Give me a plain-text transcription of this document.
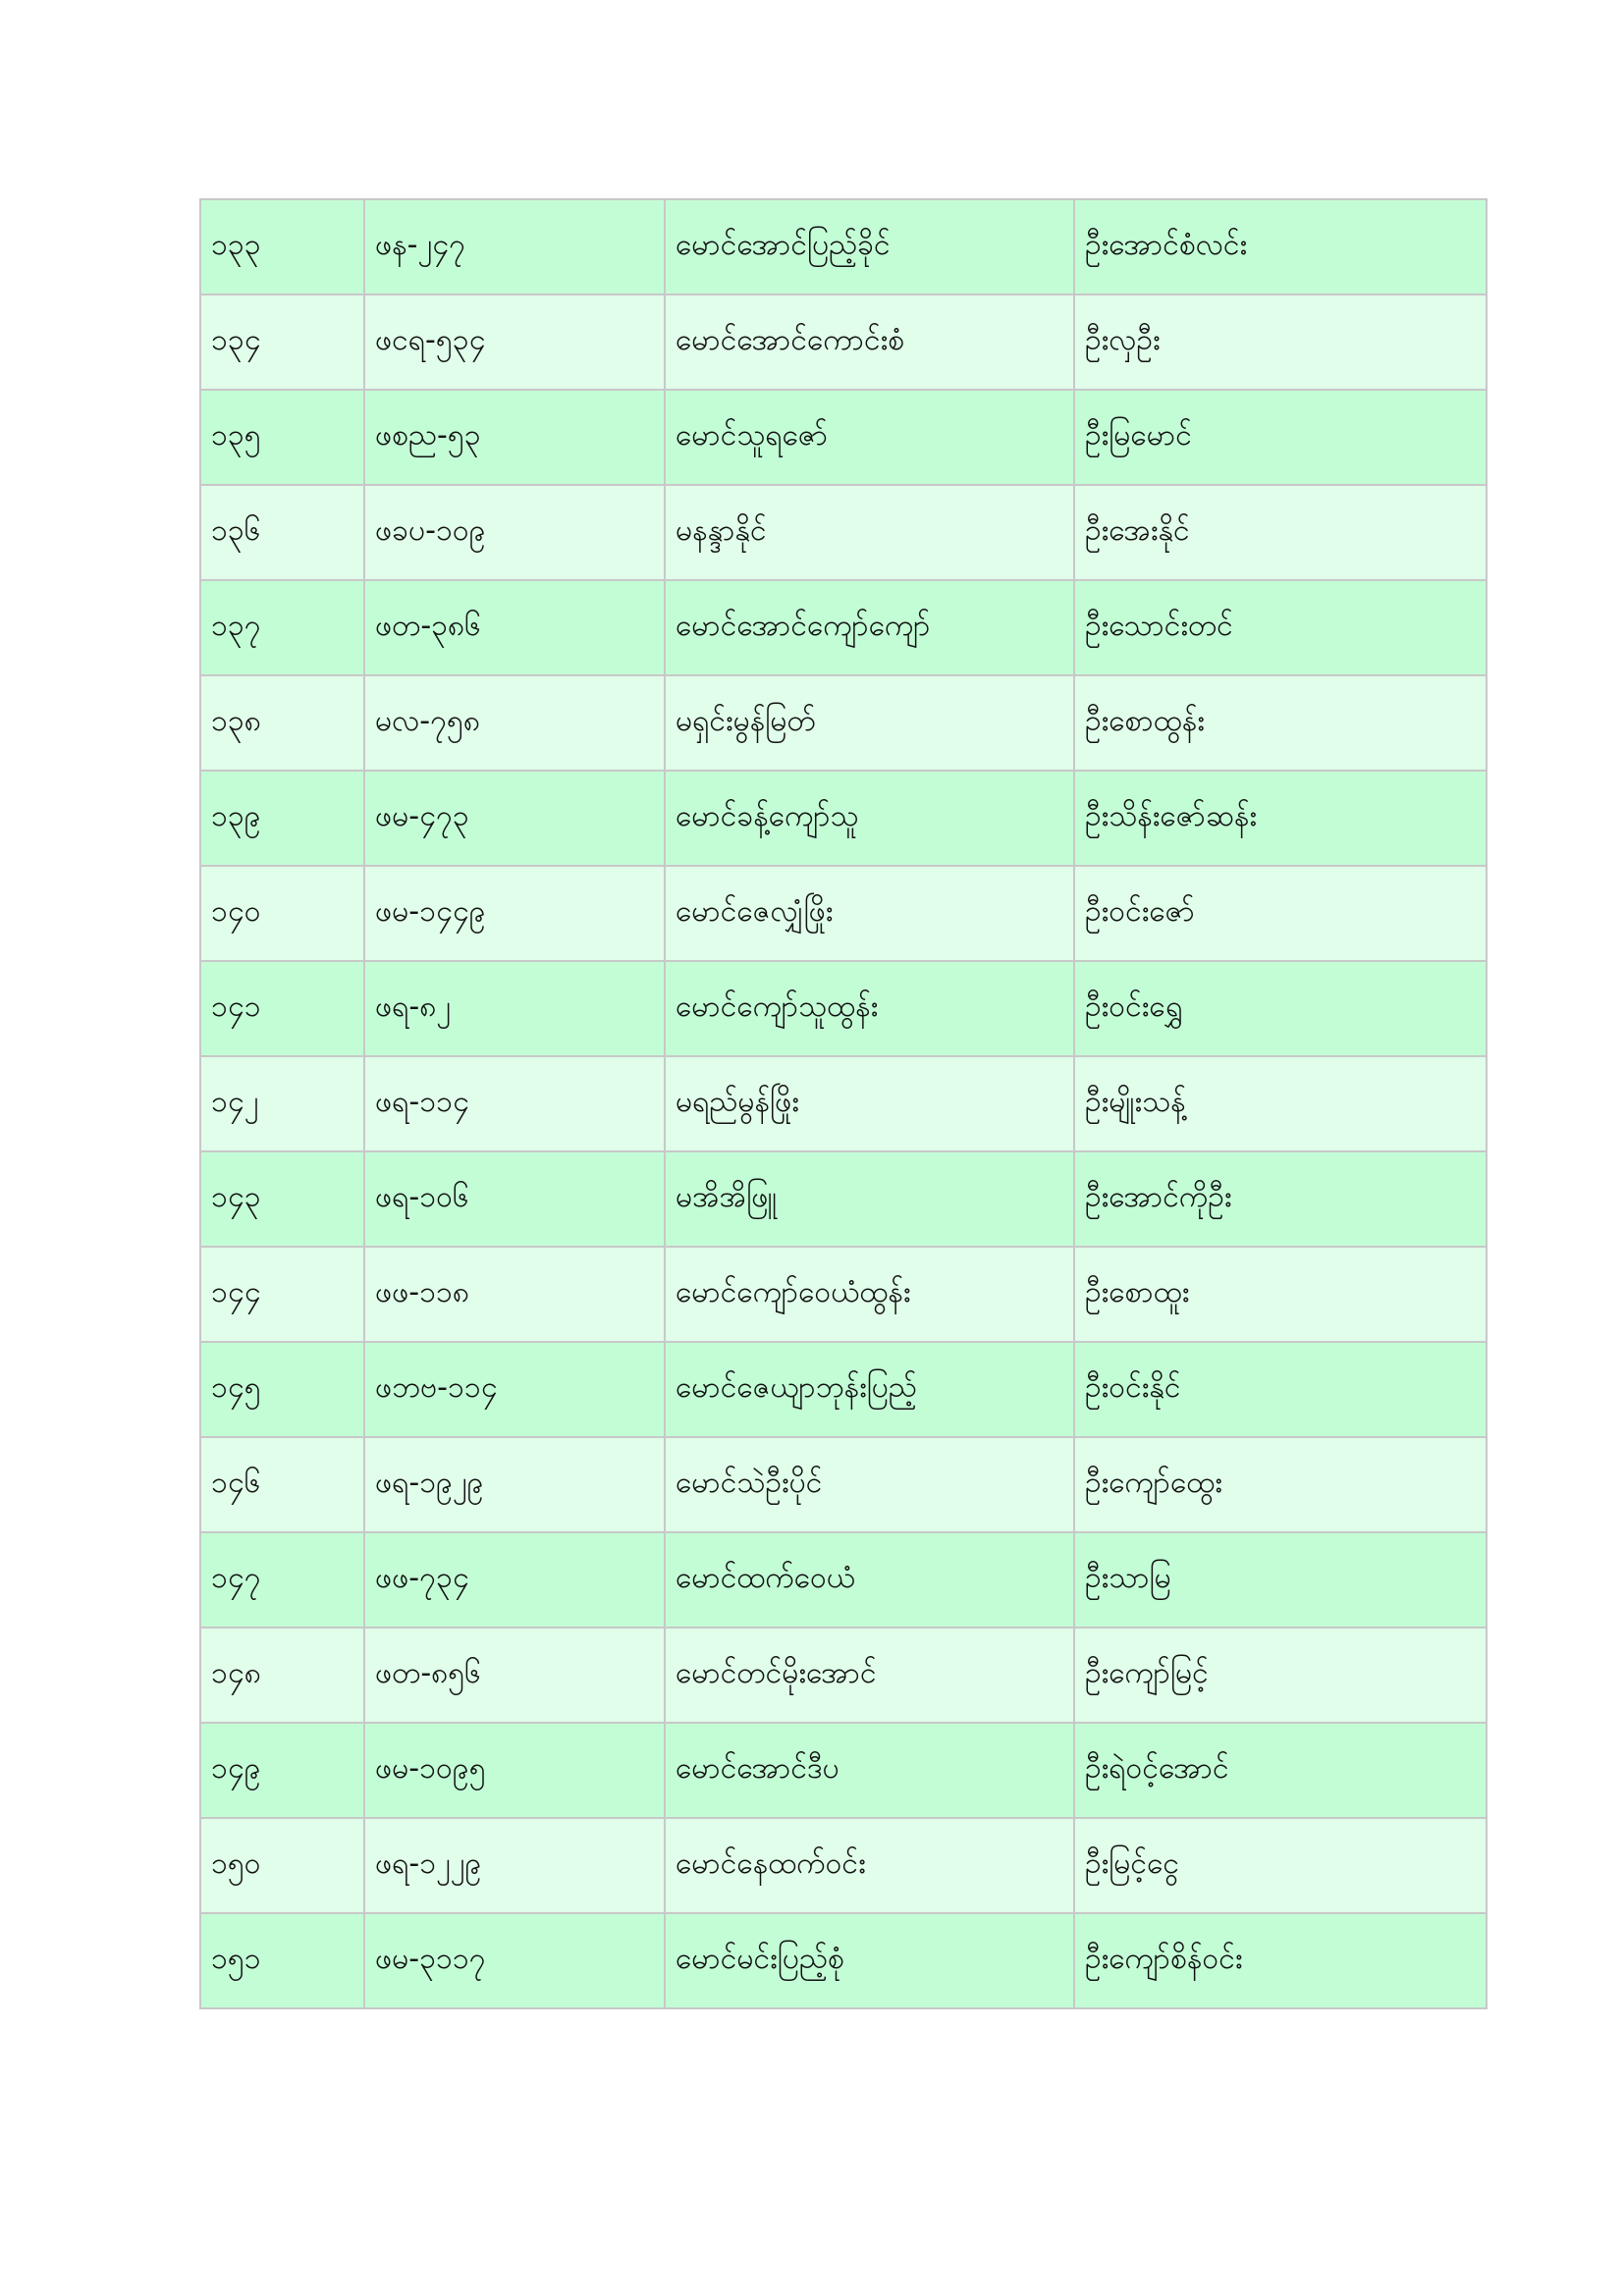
၁၃၃	ဖန-၂၄၇	မောင်အောင်ပြည့်ခိုင်	ဦးအောင်စံလင်း
၁၃၄	ဖငရ-၅၃၄	မောင်အောင်ကောင်းစံ	ဦးလှဦး
၁၃၅	ဖစည-၅၃	မောင်သူရဇော်	ဦးမြမောင်
၁၃၆	ဖခပ-၁၀၉	မနန္ဒာနိုင်	ဦးအေးနိုင်
၁၃၇	ဖတ-၃၈၆	မောင်အောင်ကျော်ကျော်	ဦးသောင်းတင်
၁၃၈	မလ-၇၅၈	မရှင်းမွန်မြတ်	ဦးစောထွန်း
၁၃၉	ဖမ-၄၇၃	မောင်ခန့်ကျော်သူ	ဦးသိန်းဇော်ဆန်း
၁၄၀	ဖမ-၁၄၄၉	မောင်ဇေလျှံဖြိုး	ဦးဝင်းဇော်
၁၄၁	ဖရ-၈၂	မောင်ကျော်သူထွန်း	ဦးဝင်းရွှေ
၁၄၂	ဖရ-၁၁၄	မရည်မွန်ဖြိုး	ဦးမျိုးသန့်
၁၄၃	ဖရ-၁၀၆	မအိအိဖြူ	ဦးအောင်ကိုဦး
၁၄၄	ဖဖ-၁၁၈	မောင်ကျော်ဝေယံထွန်း	ဦးစောထူး
၁၄၅	ဖဘဗ-၁၁၄	မောင်ဇေယျာဘုန်းပြည့်	ဦးဝင်းနိုင်
၁၄၆	ဖရ-၁၉၂၉	မောင်သဲဦးပိုင်	ဦးကျော်ထွေး
၁၄၇	ဖဖ-၇၃၄	မောင်ထက်ဝေယံ	ဦးသာမြ
၁၄၈	ဖတ-၈၅၆	မောင်တင်မိုးအောင်	ဦးကျော်မြင့်
၁၄၉	ဖမ-၁၀၉၅	မောင်အောင်ဒီပ	ဦးရဲဝင့်အောင်
၁၅၀	ဖရ-၁၂၂၉	မောင်နေထက်ဝင်း	ဦးမြင့်ငွေ
၁၅၁	ဖမ-၃၁၁၇	မောင်မင်းပြည့်စုံ	ဦးကျော်စိန်ဝင်း
